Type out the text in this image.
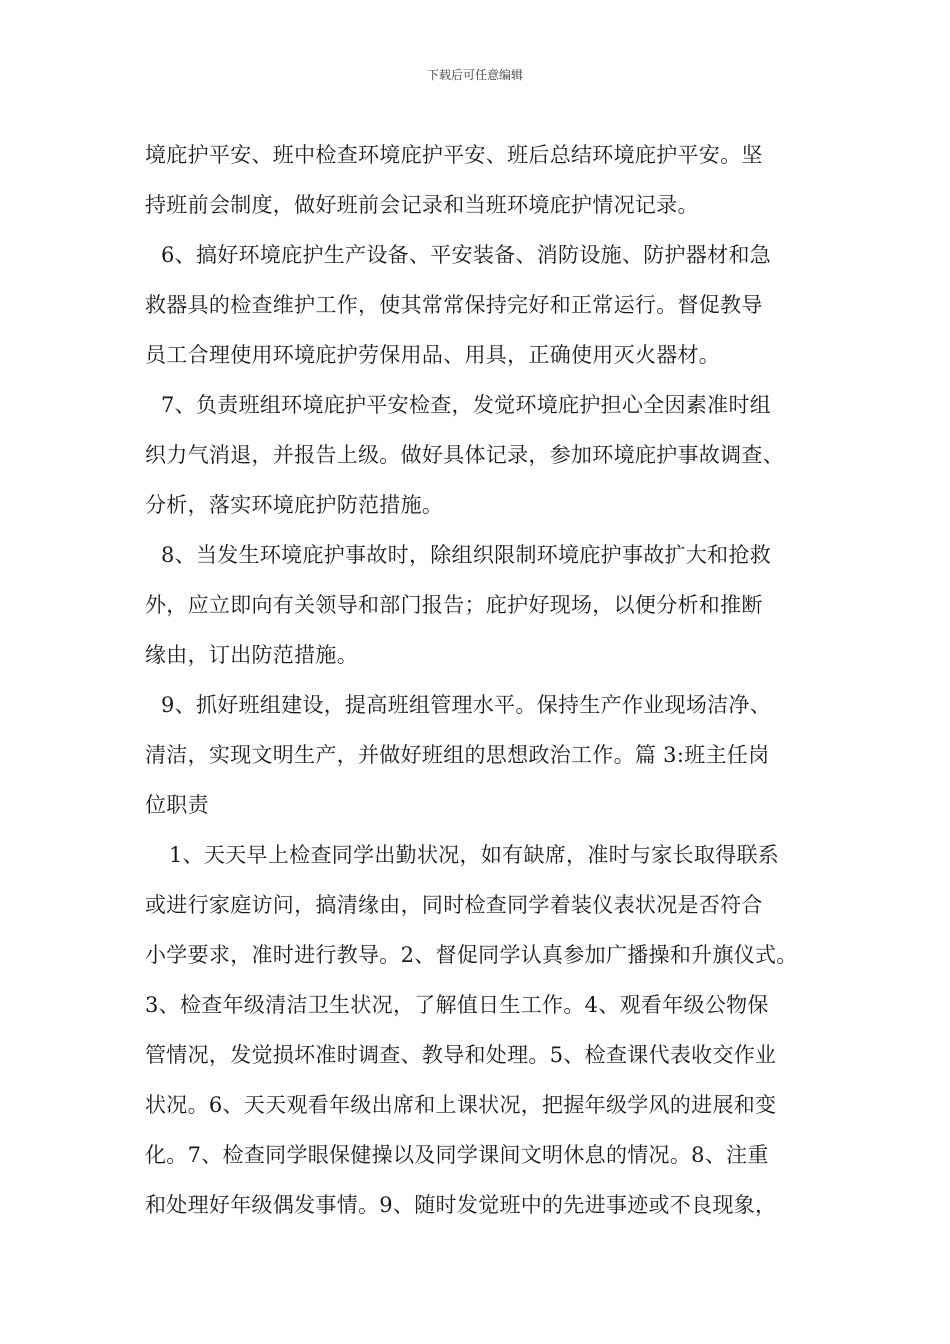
下载后可任意编辑
境庇护平安、班中检查环境庇护平安、班后总结环境庇护平安。坚
持班前会制度，做好班前会记录和当班环境庇护情况记录。
6、搞好环境庇护生产设备、平安装备、消防设施、防护器材和急
救器具的检查维护工作，使其常常保持完好和正常运行。督促教导
员工合理使用环境庇护劳保用品、用具，正确使用灭火器材。
7、负责班组环境庇护平安检查，发觉环境庇护担心全因素准时组
织力气消退，并报告上级。做好具体记录，参加环境庇护事故调查、
分析，落实环境庇护防范措施。
8、当发生环境庇护事故时，除组织限制环境庇护事故扩大和抢救
外，应立即向有关领导和部门报告；庇护好现场，以便分析和推断
缘由，订出防范措施。
9、抓好班组建设，提高班组管理水平。保持生产作业现场洁净、
清洁，实现文明生产，并做好班组的思想政治工作。篇 3:班主任岗
位职责
1、天天早上检查同学出勤状况，如有缺席，准时与家长取得联系
或进行家庭访问，搞清缘由，同时检查同学着装仪表状况是否符合
小学要求，准时进行教导。2、督促同学认真参加广播操和升旗仪式。
3、检查年级清洁卫生状况，了解值日生工作。4、观看年级公物保
管情况，发觉损坏准时调查、教导和处理。5、检查课代表收交作业
状况。6、天天观看年级出席和上课状况，把握年级学风的进展和变
化。7、检查同学眼保健操以及同学课间文明休息的情况。8、注重
和处理好年级偶发事情。9、随时发觉班中的先进事迹或不良现象，
